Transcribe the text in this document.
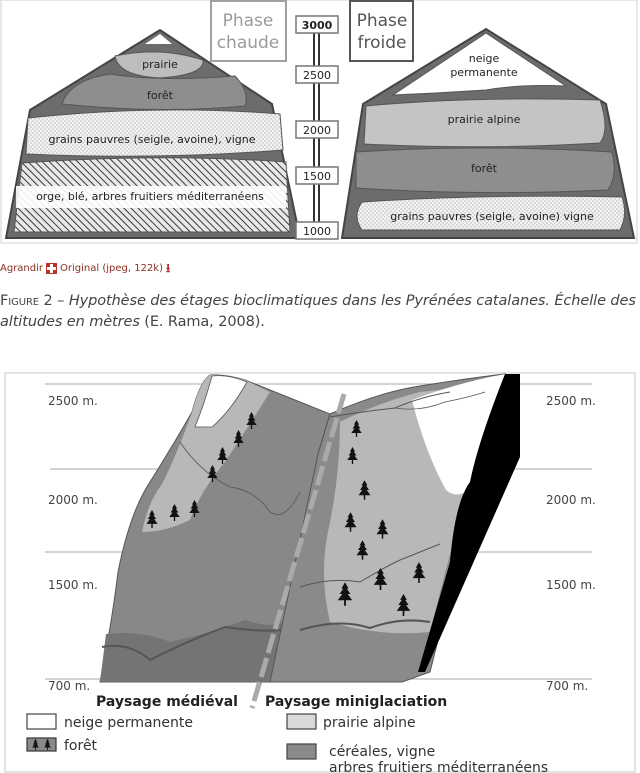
prairie
forêt
grains pauvres (seigle, avoine), vigne
orge, blé, arbres fruitiers méditerranéens
Phase
chaude
3000
2500
2000
1500
1000
Phase
froide
neige
permanente
prairie alpine
forêt
grains pauvres (seigle, avoine) vigne
Agrandir Original (jpeg, 122k) ⭳
Figure 2 – Hypothèse des étages bioclimatiques dans les Pyrénées catalanes. Échelle des altitudes en mètres (E. Rama, 2008).
2500 m.
2000 m.
1500 m.
700 m.
2500 m.
2000 m.
1500 m.
700 m.
Paysage médiéval Paysage miniglaciation
neige permanente
forêt
prairie alpine
céréales, vigne
arbres fruitiers méditerranéens
